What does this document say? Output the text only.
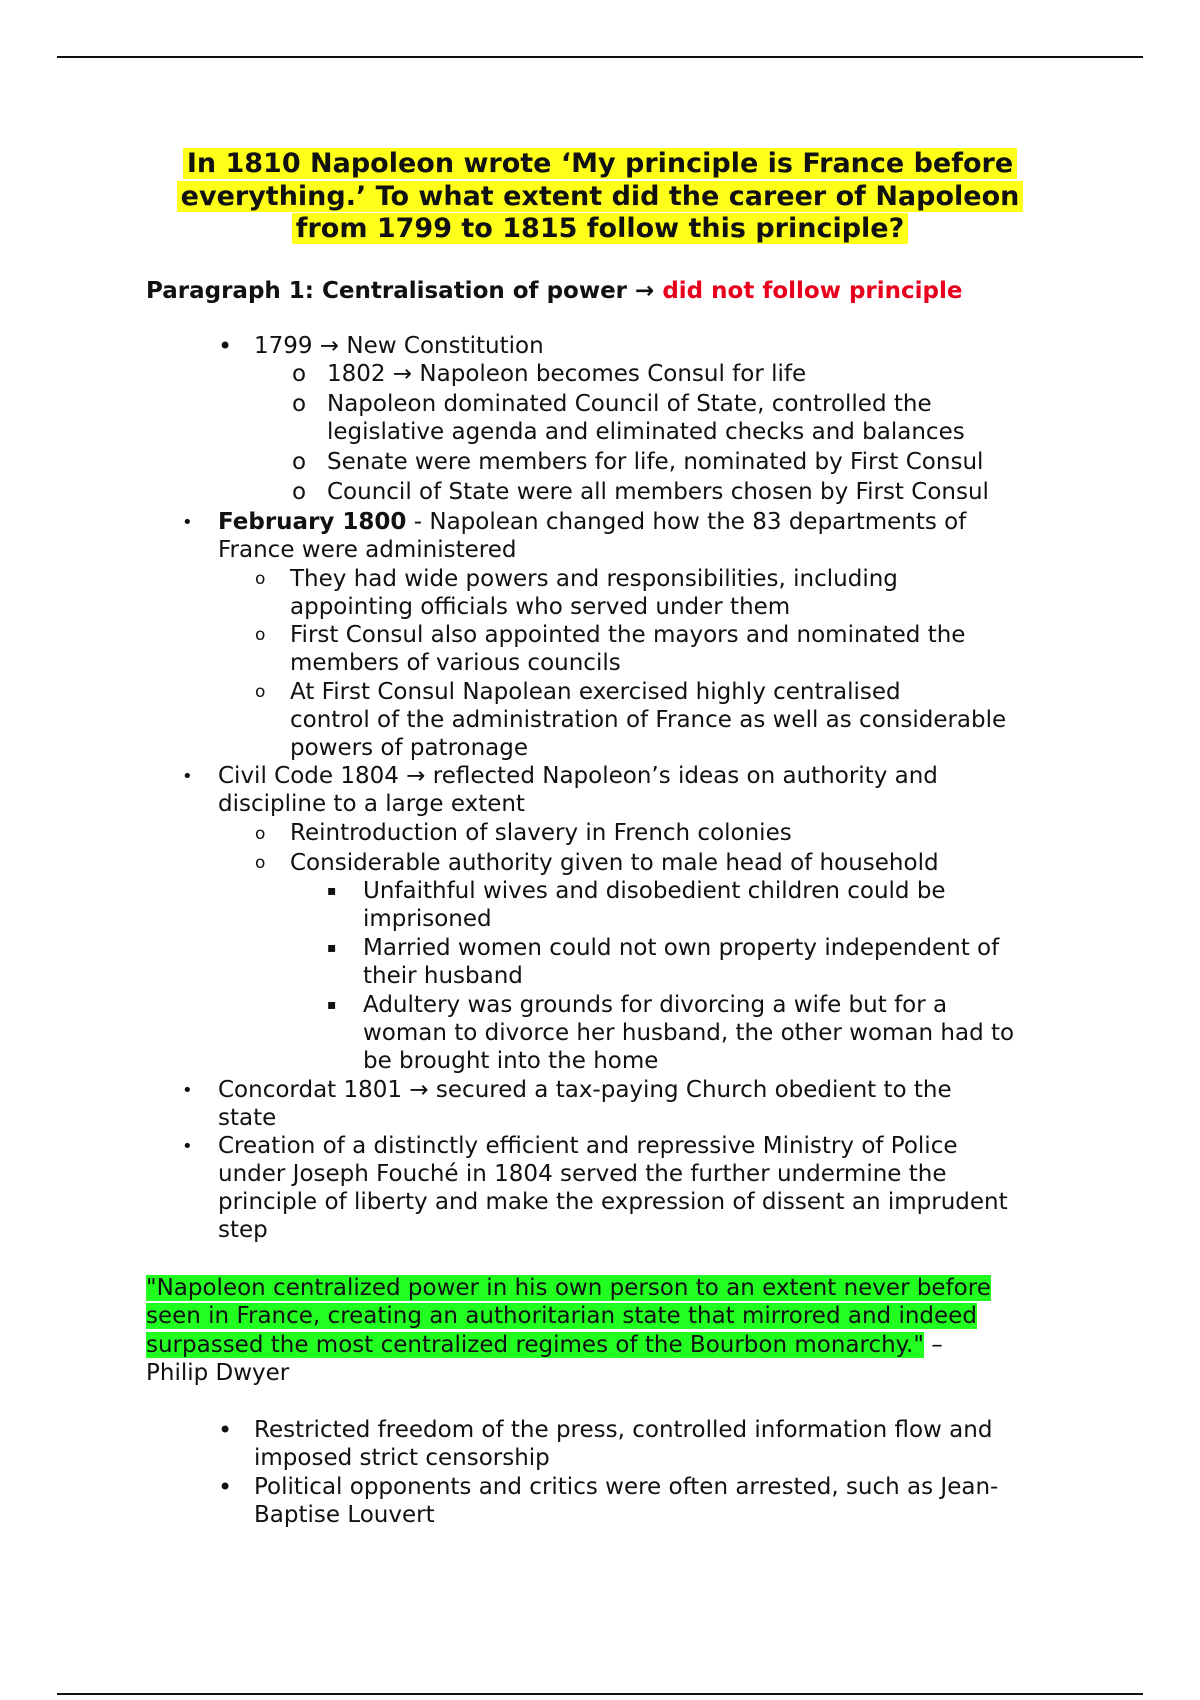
In 1810 Napoleon wrote ‘My principle is France before
everything.’ To what extent did the career of Napoleon
from 1799 to 1815 follow this principle?
Paragraph 1: Centralisation of power → did not follow principle
• 1799 → New Constitution
o 1802 → Napoleon becomes Consul for life
o Napoleon dominated Council of State, controlled the
legislative agenda and eliminated checks and balances
o Senate were members for life, nominated by First Consul
o Council of State were all members chosen by First Consul
• February 1800 - Napolean changed how the 83 departments of
France were administered
o They had wide powers and responsibilities, including
appointing officials who served under them
o First Consul also appointed the mayors and nominated the
members of various councils
o At First Consul Napolean exercised highly centralised
control of the administration of France as well as considerable
powers of patronage
• Civil Code 1804 → reflected Napoleon’s ideas on authority and
discipline to a large extent
o Reintroduction of slavery in French colonies
o Considerable authority given to male head of household
▪ Unfaithful wives and disobedient children could be
imprisoned
▪ Married women could not own property independent of
their husband
▪ Adultery was grounds for divorcing a wife but for a
woman to divorce her husband, the other woman had to
be brought into the home
• Concordat 1801 → secured a tax-paying Church obedient to the
state
• Creation of a distinctly efficient and repressive Ministry of Police
under Joseph Fouché in 1804 served the further undermine the
principle of liberty and make the expression of dissent an imprudent
step
"Napoleon centralized power in his own person to an extent never before
seen in France, creating an authoritarian state that mirrored and indeed
surpassed the most centralized regimes of the Bourbon monarchy." –
Philip Dwyer
• Restricted freedom of the press, controlled information flow and
imposed strict censorship
• Political opponents and critics were often arrested, such as Jean-
Baptise Louvert
